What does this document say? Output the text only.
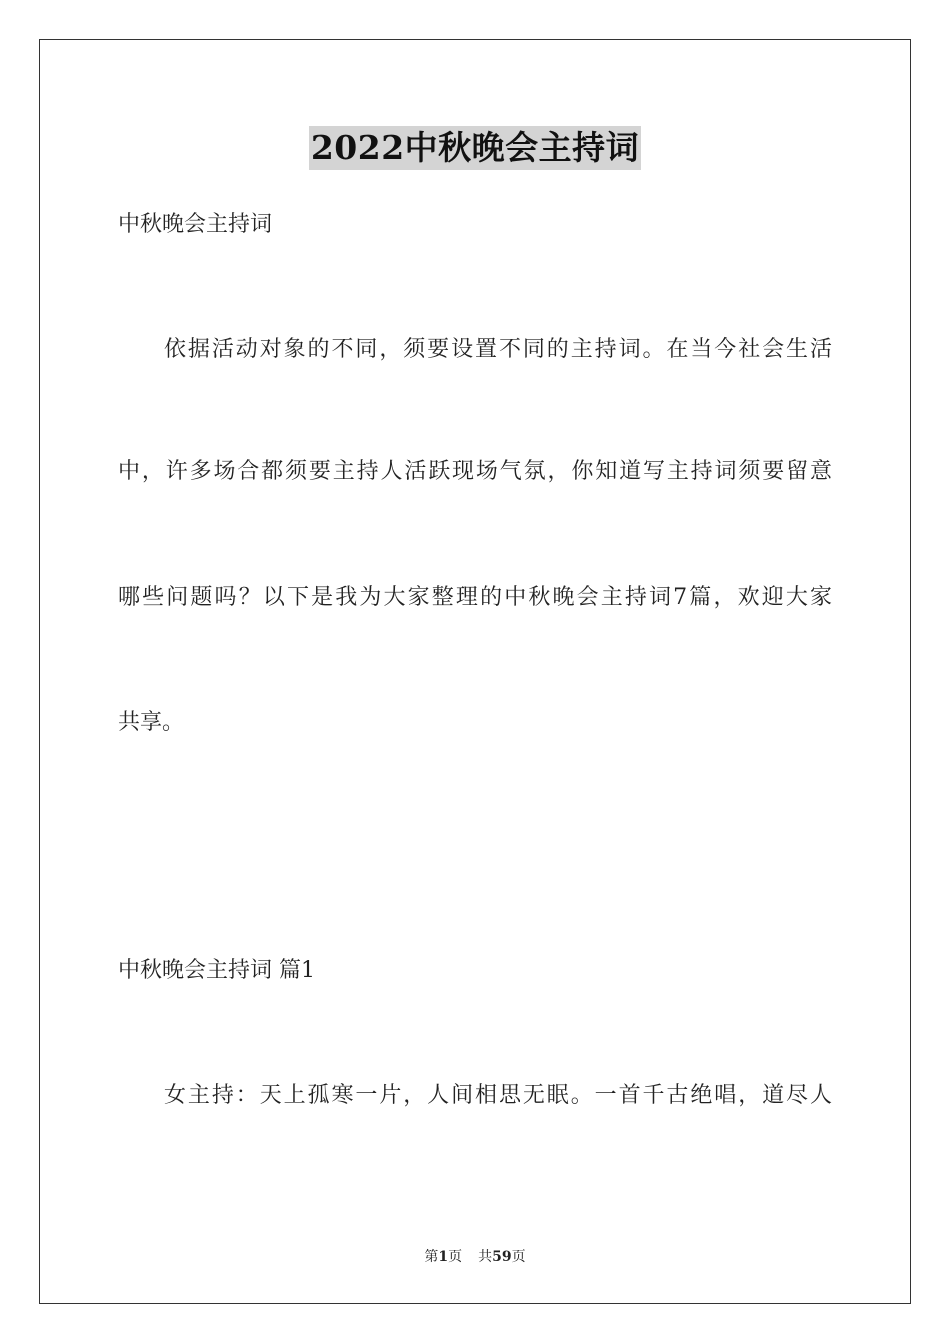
2022中秋晚会主持词
中秋晚会主持词
依据活动对象的不同，须要设置不同的主持词。在当今社会生活
中，许多场合都须要主持人活跃现场气氛，你知道写主持词须要留意
哪些问题吗？以下是我为大家整理的中秋晚会主持词7篇，欢迎大家
共享。
中秋晚会主持词 篇1
女主持：天上孤寒一片，人间相思无眠。一首千古绝唱，道尽人
第1页 共59页
